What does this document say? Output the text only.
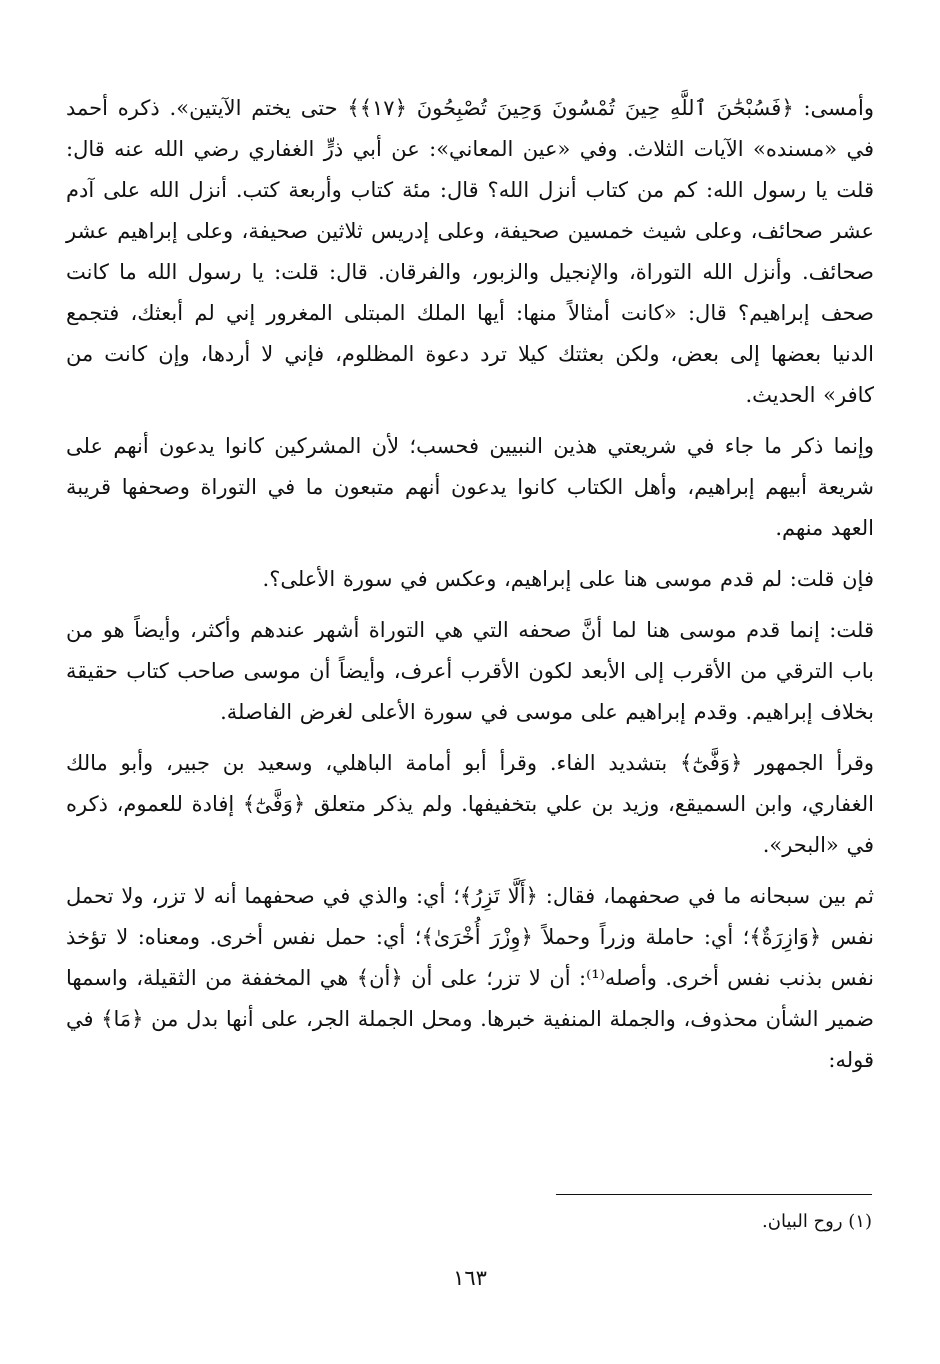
وأمسى: ﴿فَسُبْحَٰنَ ٱللَّهِ حِينَ تُمْسُونَ وَحِينَ تُصْبِحُونَ ﴿١٧﴾﴾ حتى يختم الآيتين». ذكره أحمد في «مسنده» الآيات الثلاث. وفي «عين المعاني»: عن أبي ذرٍّ الغفاري رضي الله عنه قال: قلت يا رسول الله: كم من كتاب أنزل الله؟ قال: مئة كتاب وأربعة كتب. أنزل الله على آدم عشر صحائف، وعلى شيث خمسين صحيفة، وعلى إدريس ثلاثين صحيفة، وعلى إبراهيم عشر صحائف. وأنزل الله التوراة، والإنجيل والزبور، والفرقان. قال: قلت: يا رسول الله ما كانت صحف إبراهيم؟ قال: «كانت أمثالاً منها: أيها الملك المبتلى المغرور إني لم أبعثك، فتجمع الدنيا بعضها إلى بعض، ولكن بعثتك كيلا ترد دعوة المظلوم، فإني لا أردها، وإن كانت من كافر» الحديث.

وإنما ذكر ما جاء في شريعتي هذين النبيين فحسب؛ لأن المشركين كانوا يدعون أنهم على شريعة أبيهم إبراهيم، وأهل الكتاب كانوا يدعون أنهم متبعون ما في التوراة وصحفها قريبة العهد منهم.

فإن قلت: لم قدم موسى هنا على إبراهيم، وعكس في سورة الأعلى؟.

قلت: إنما قدم موسى هنا لما أنَّ صحفه التي هي التوراة أشهر عندهم وأكثر، وأيضاً هو من باب الترقي من الأقرب إلى الأبعد لكون الأقرب أعرف، وأيضاً أن موسى صاحب كتاب حقيقة بخلاف إبراهيم. وقدم إبراهيم على موسى في سورة الأعلى لغرض الفاصلة.

وقرأ الجمهور ﴿وَفَّىٰٓ﴾ بتشديد الفاء. وقرأ أبو أمامة الباهلي، وسعيد بن جبير، وأبو مالك الغفاري، وابن السميقع، وزيد بن علي بتخفيفها. ولم يذكر متعلق ﴿وَفَّىٰٓ﴾ إفادة للعموم، ذكره في «البحر».

ثم بين سبحانه ما في صحفهما، فقال: ﴿أَلَّا تَزِرُ﴾؛ أي: والذي في صحفهما أنه لا تزر، ولا تحمل نفس ﴿وَازِرَةٌ﴾؛ أي: حاملة وزراً وحملاً ﴿وِزْرَ أُخْرَىٰ﴾؛ أي: حمل نفس أخرى. ومعناه: لا تؤخذ نفس بذنب نفس أخرى. وأصله⁽¹⁾: أن لا تزر؛ على أن ﴿أن﴾ هي المخففة من الثقيلة، واسمها ضمير الشأن محذوف، والجملة المنفية خبرها. ومحل الجملة الجر، على أنها بدل من ﴿مَا﴾ في قوله:

(١) روح البيان.
١٦٣
